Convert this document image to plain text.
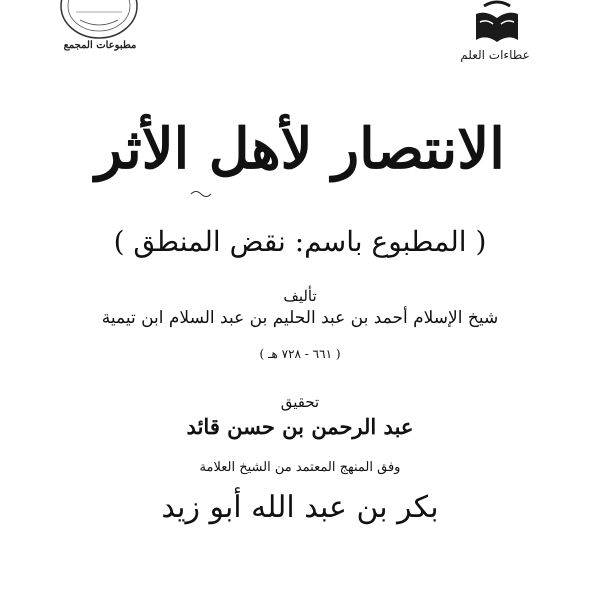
مطبوعات المجمع
عطاءات العلم
الانتصار لأهل الأثر
( المطبوع باسم: نقض المنطق )
تأليف
شيخ الإسلام أحمد بن عبد الحليم بن عبد السلام ابن تيمية
( ٦٦١ - ٧٢٨ هـ )
تحقيق
عبد الرحمن بن حسن قائد
وفق المنهج المعتمد من الشيخ العلامة
بكر بن عبد الله أبو زيد
